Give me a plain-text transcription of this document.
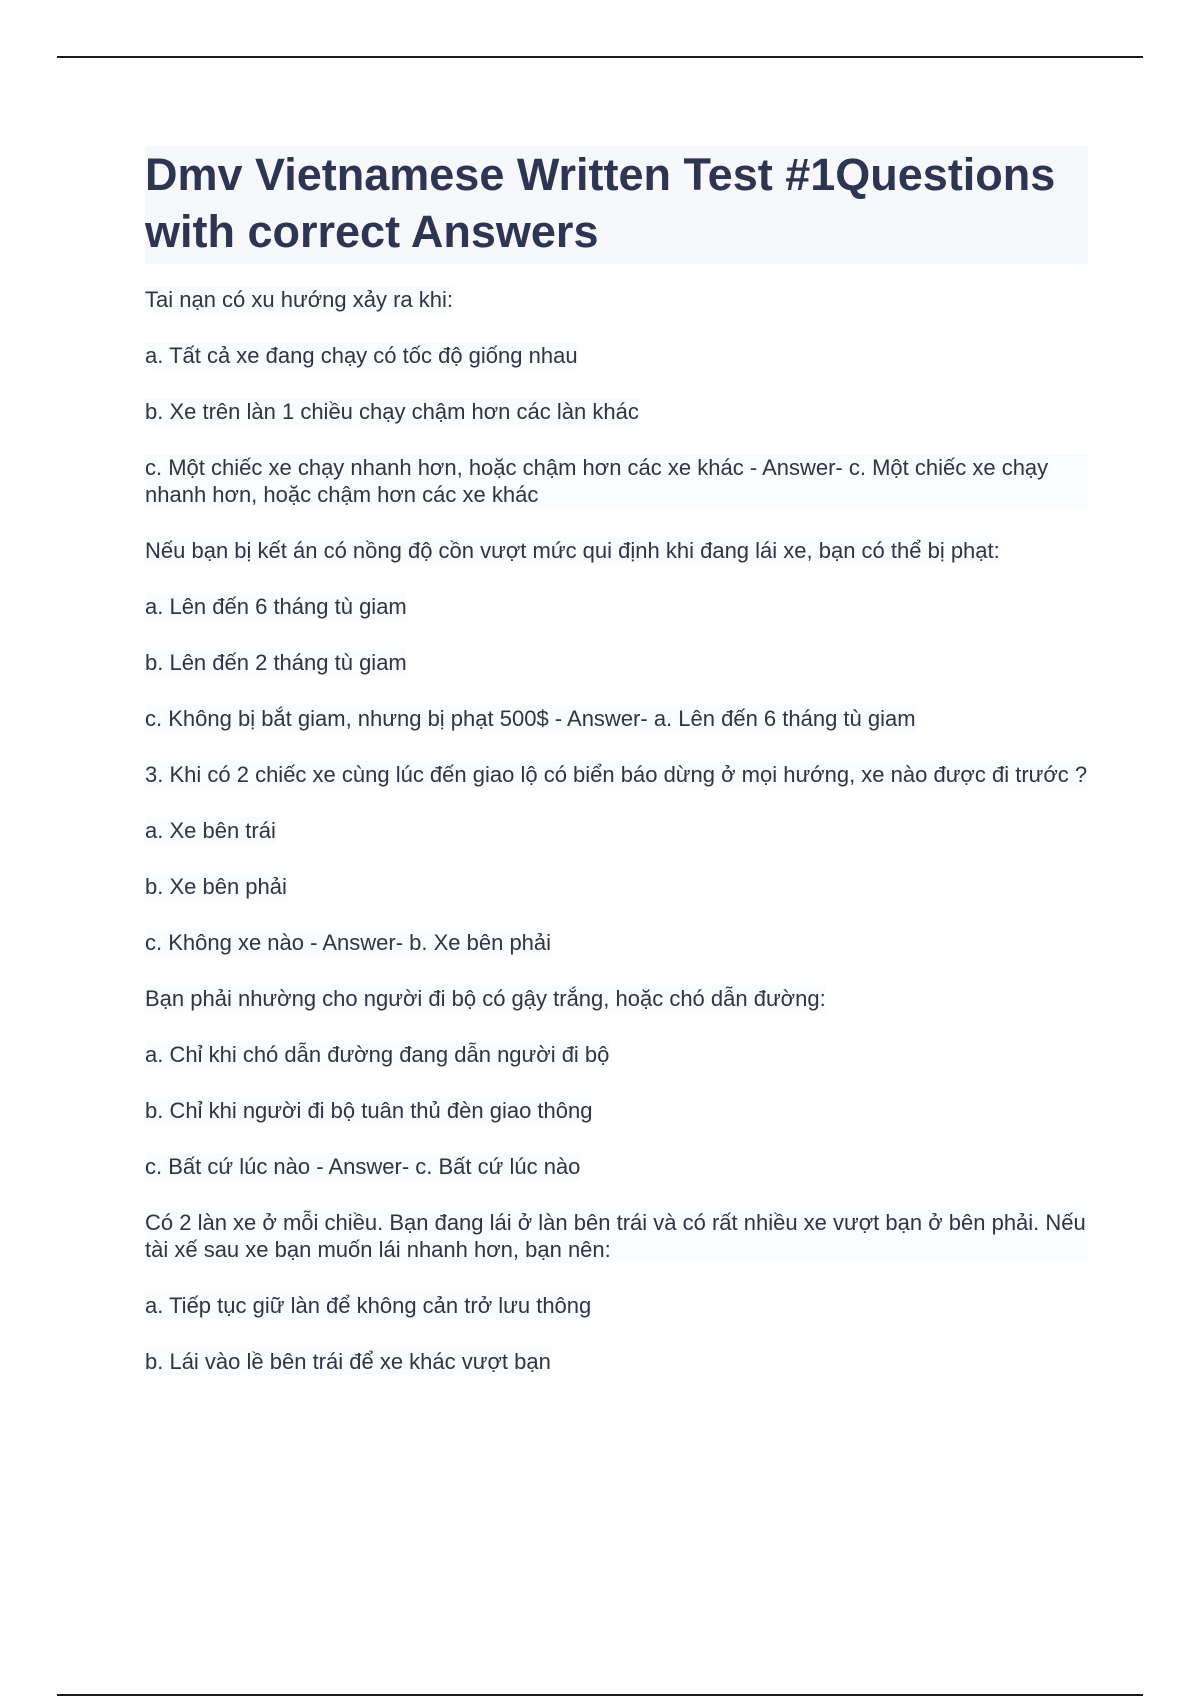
Dmv Vietnamese Written Test #1Questions with correct Answers

Tai nạn có xu hướng xảy ra khi:

a. Tất cả xe đang chạy có tốc độ giống nhau

b. Xe trên làn 1 chiều chạy chậm hơn các làn khác

c. Một chiếc xe chạy nhanh hơn, hoặc chậm hơn các xe khác - Answer- c. Một chiếc xe chạy nhanh hơn, hoặc chậm hơn các xe khác

Nếu bạn bị kết án có nồng độ cồn vượt mức qui định khi đang lái xe, bạn có thể bị phạt:

a. Lên đến 6 tháng tù giam

b. Lên đến 2 tháng tù giam

c. Không bị bắt giam, nhưng bị phạt 500$ - Answer- a. Lên đến 6 tháng tù giam

3. Khi có 2 chiếc xe cùng lúc đến giao lộ có biển báo dừng ở mọi hướng, xe nào được đi trước ?

a. Xe bên trái

b. Xe bên phải

c. Không xe nào - Answer- b. Xe bên phải

Bạn phải nhường cho người đi bộ có gậy trắng, hoặc chó dẫn đường:

a. Chỉ khi chó dẫn đường đang dẫn người đi bộ

b. Chỉ khi người đi bộ tuân thủ đèn giao thông

c. Bất cứ lúc nào - Answer- c. Bất cứ lúc nào

Có 2 làn xe ở mỗi chiều. Bạn đang lái ở làn bên trái và có rất nhiều xe vượt bạn ở bên phải. Nếu tài xế sau xe bạn muốn lái nhanh hơn, bạn nên:

a. Tiếp tục giữ làn để không cản trở lưu thông

b. Lái vào lề bên trái để xe khác vượt bạn
